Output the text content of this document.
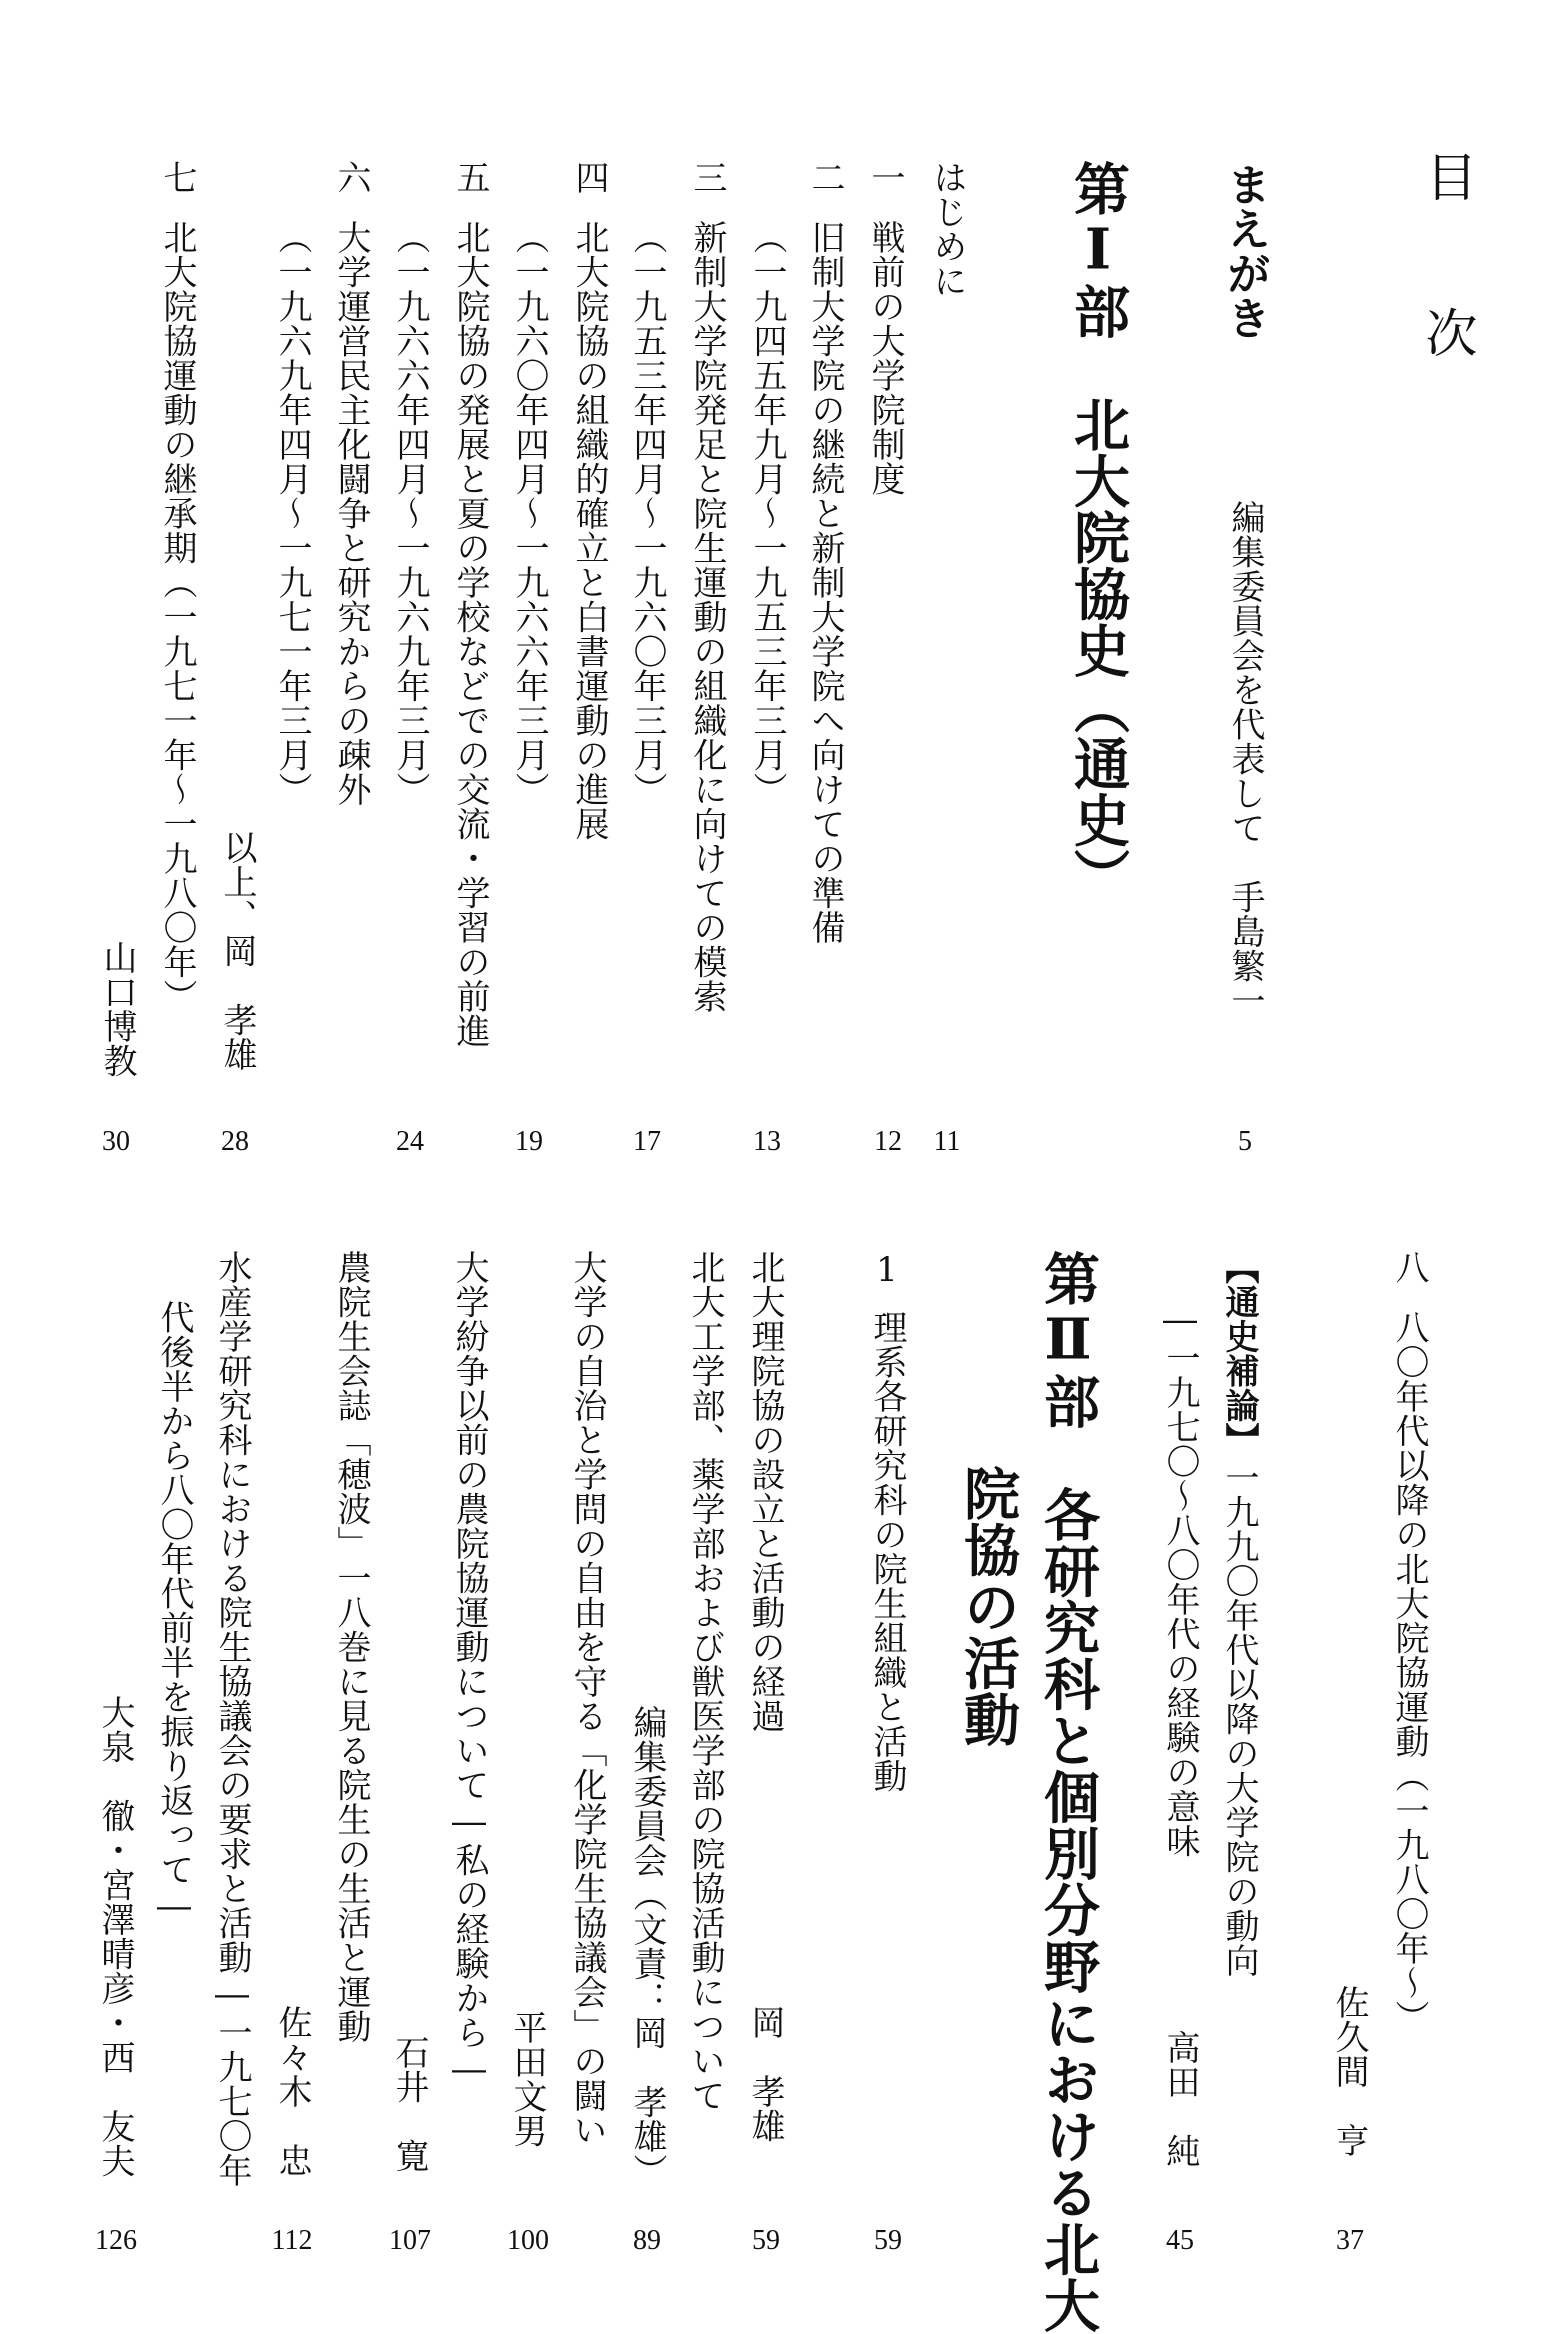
目　次
まえがき
編集委員会を代表して　手島繁一
5
第Ⅰ部　北大院協史（通史）
はじめに
11
一
戦前の大学院制度
12
二
旧制大学院の継続と新制大学院へ向けての準備
（一九四五年九月〜一九五三年三月）
13
三
新制大学院発足と院生運動の組織化に向けての模索
（一九五三年四月〜一九六〇年三月）
17
四
北大院協の組織的確立と白書運動の進展
（一九六〇年四月〜一九六六年三月）
19
五
北大院協の発展と夏の学校などでの交流・学習の前進
（一九六六年四月〜一九六九年三月）
24
六
大学運営民主化闘争と研究からの疎外
（一九六九年四月〜一九七一年三月）
以上、岡　孝雄
28
七
北大院協運動の継承期（一九七一年〜一九八〇年）
山口博教
30
八
八〇年代以降の北大院協運動（一九八〇年〜）
佐久間　亨
37
【通史補論】
一九九〇年代以降の大学院の動向
―一九七〇〜八〇年代の経験の意味
高田　純
45
第Ⅱ部　各研究科と個別分野における北大
院協の活動
1
理系各研究科の院生組織と活動
59
北大理院協の設立と活動の経過
岡　孝雄
59
北大工学部、薬学部および獣医学部の院協活動について
編集委員会（文責：岡　孝雄）
89
大学の自治と学問の自由を守る「化学院生協議会」の闘い
平田文男
100
大学紛争以前の農院協運動について―私の経験から―
石井　寛
107
農院生会誌「穂波」一八巻に見る院生の生活と運動
佐々木　忠
112
水産学研究科における院生協議会の要求と活動―一九七〇年
代後半から八〇年代前半を振り返って―
大泉　徹・宮澤晴彦・西　友夫
126
